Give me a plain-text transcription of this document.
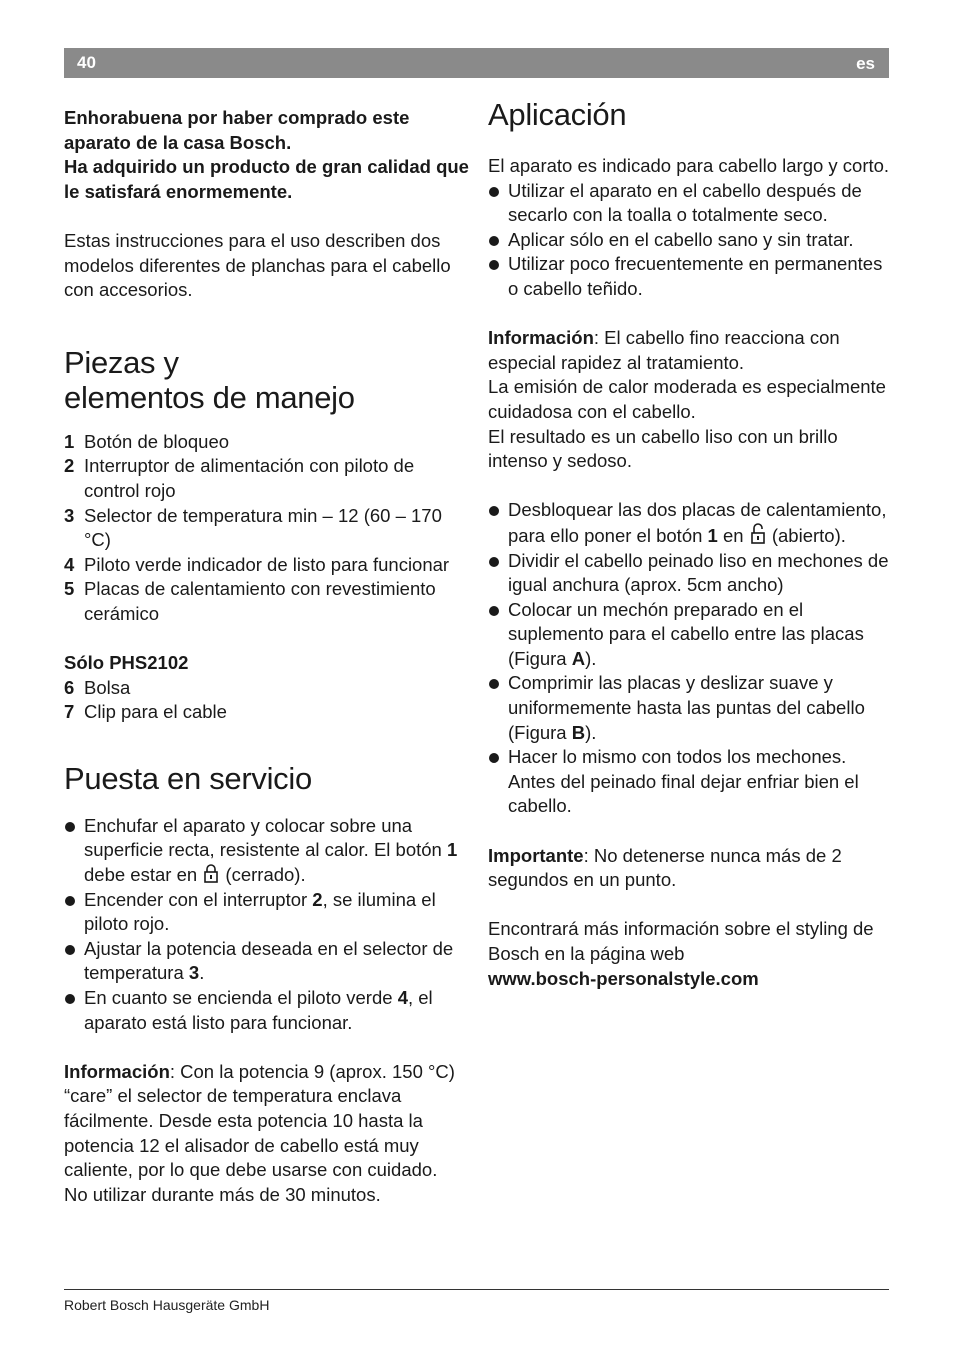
40	es

Enhorabuena por haber comprado este aparato de la casa Bosch.

Ha adquirido un producto de gran calidad que le satisfará enormemente.

Estas instrucciones para el uso describen dos modelos diferentes de planchas para el cabello con accesorios.

Piezas y
elementos de manejo
1 Botón de bloqueo
2 Interruptor de alimentación con piloto de control rojo
3 Selector de temperatura min – 12 (60 – 170 °C)
4 Piloto verde indicador de listo para funcionar
5 Placas de calentamiento con revestimiento cerámico

Sólo PHS2102

6 Bolsa
7 Clip para el cable
Puesta en servicio
Enchufar el aparato y colocar sobre una superficie recta, resistente al calor. El botón 1 debe estar en  (cerrado).
Encender con el interruptor 2, se ilumina el piloto rojo.
Ajustar la potencia deseada en el selector de temperatura 3.
En cuanto se encienda el piloto verde 4, el aparato está listo para funcionar.

Información: Con la potencia 9 (aprox. 150 °C) “care” el selector de temperatura enclava fácilmente. Desde esta potencia 10 hasta la potencia 12 el alisador de cabello está muy caliente, por lo que debe usarse con cuidado.

No utilizar durante más de 30 minutos.

Aplicación

El aparato es indicado para cabello largo y corto.

Utilizar el aparato en el cabello después de secarlo con la toalla o totalmente seco.
Aplicar sólo en el cabello sano y sin tratar.
Utilizar poco frecuentemente en permanentes o cabello teñido.

Información: El cabello fino reacciona con especial rapidez al tratamiento.

La emisión de calor moderada es especialmente cuidadosa con el cabello.

El resultado es un cabello liso con un brillo intenso y sedoso.

Desbloquear las dos placas de calentamiento, para ello poner el botón 1 en  (abierto).
Dividir el cabello peinado liso en mechones de igual anchura (aprox. 5cm ancho)
Colocar un mechón preparado en el suplemento para el cabello entre las placas (Figura A).
Comprimir las placas y deslizar suave y uniformemente hasta las puntas del cabello (Figura B).
Hacer lo mismo con todos los mechones. Antes del peinado final dejar enfriar bien el cabello.

Importante: No detenerse nunca más de 2 segundos en un punto.

Encontrará más información sobre el styling de Bosch en la página web

www.bosch-personalstyle.com

Robert Bosch Hausgeräte GmbH
